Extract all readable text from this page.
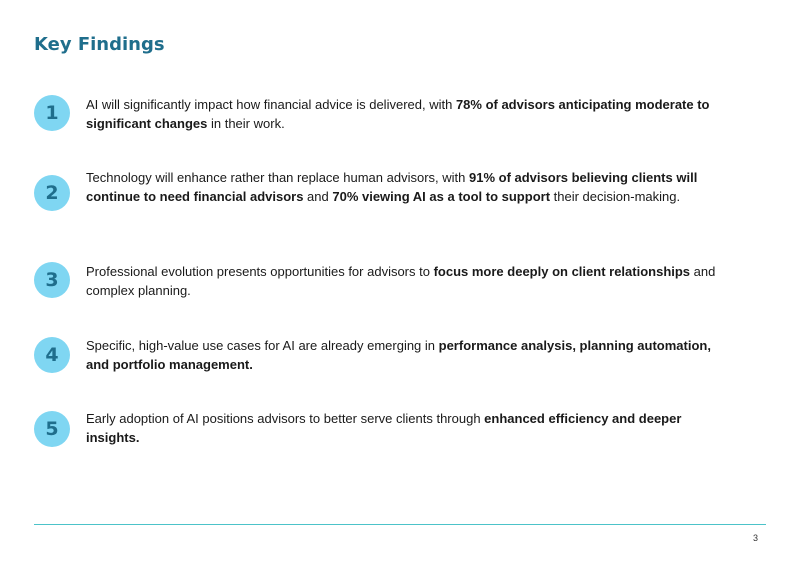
Key Findings
1	AI will significantly impact how financial advice is delivered, with 78% of advisors anticipating moderate to significant changes in their work.
2
Technology will enhance rather than replace human advisors, with 91% of advisors believing clients will continue to need financial advisors and 70% viewing AI as a tool to support their decision-making.
3	Professional evolution presents opportunities for advisors to focus more deeply on client relationships and complex planning.
4	Specific, high-value use cases for AI are already emerging in performance analysis, planning automation, and portfolio management.
5	Early adoption of AI positions advisors to better serve clients through enhanced efficiency and deeper insights.
3
